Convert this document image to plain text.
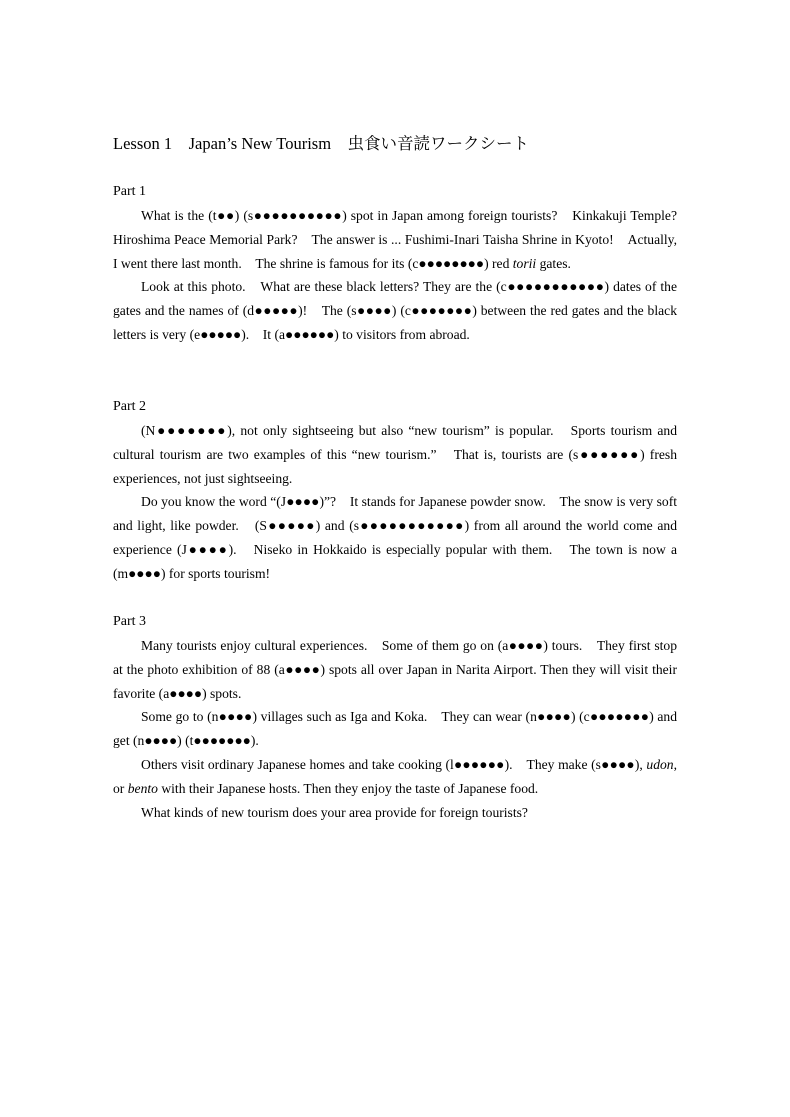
Lesson 1　Japan’s New Tourism　虫食い音読ワークシート
Part 1

What is the (t●●) (s●●●●●●●●●●) spot in Japan among foreign tourists?　Kinkakuji Temple?　Hiroshima Peace Memorial Park?　The answer is ... Fushimi-Inari Taisha Shrine in Kyoto!　Actually, I went there last month.　The shrine is famous for its (c●●●●●●●●) red torii gates.

Look at this photo.　What are these black letters? They are the (c●●●●●●●●●●●) dates of the gates and the names of (d●●●●●)!　The (s●●●●) (c●●●●●●●) between the red gates and the black letters is very (e●●●●●).　It (a●●●●●●) to visitors from abroad.

Part 2

(N●●●●●●●), not only sightseeing but also “new tourism” is popular.　Sports tourism and cultural tourism are two examples of this “new tourism.”　That is, tourists are (s●●●●●●) fresh experiences, not just sightseeing.

Do you know the word “(J●●●●)”?　It stands for Japanese powder snow.　The snow is very soft and light, like powder.　(S●●●●●) and (s●●●●●●●●●●●) from all around the world come and experience (J●●●●).　Niseko in Hokkaido is especially popular with them.　The town is now a (m●●●●) for sports tourism!

Part 3

Many tourists enjoy cultural experiences.　Some of them go on (a●●●●) tours.　They first stop at the photo exhibition of 88 (a●●●●) spots all over Japan in Narita Airport. Then they will visit their favorite (a●●●●) spots.

Some go to (n●●●●) villages such as Iga and Koka.　They can wear (n●●●●) (c●●●●●●●) and get (n●●●●) (t●●●●●●●).

Others visit ordinary Japanese homes and take cooking (l●●●●●●).　They make (s●●●●), udon, or bento with their Japanese hosts. Then they enjoy the taste of Japanese food.

What kinds of new tourism does your area provide for foreign tourists?
